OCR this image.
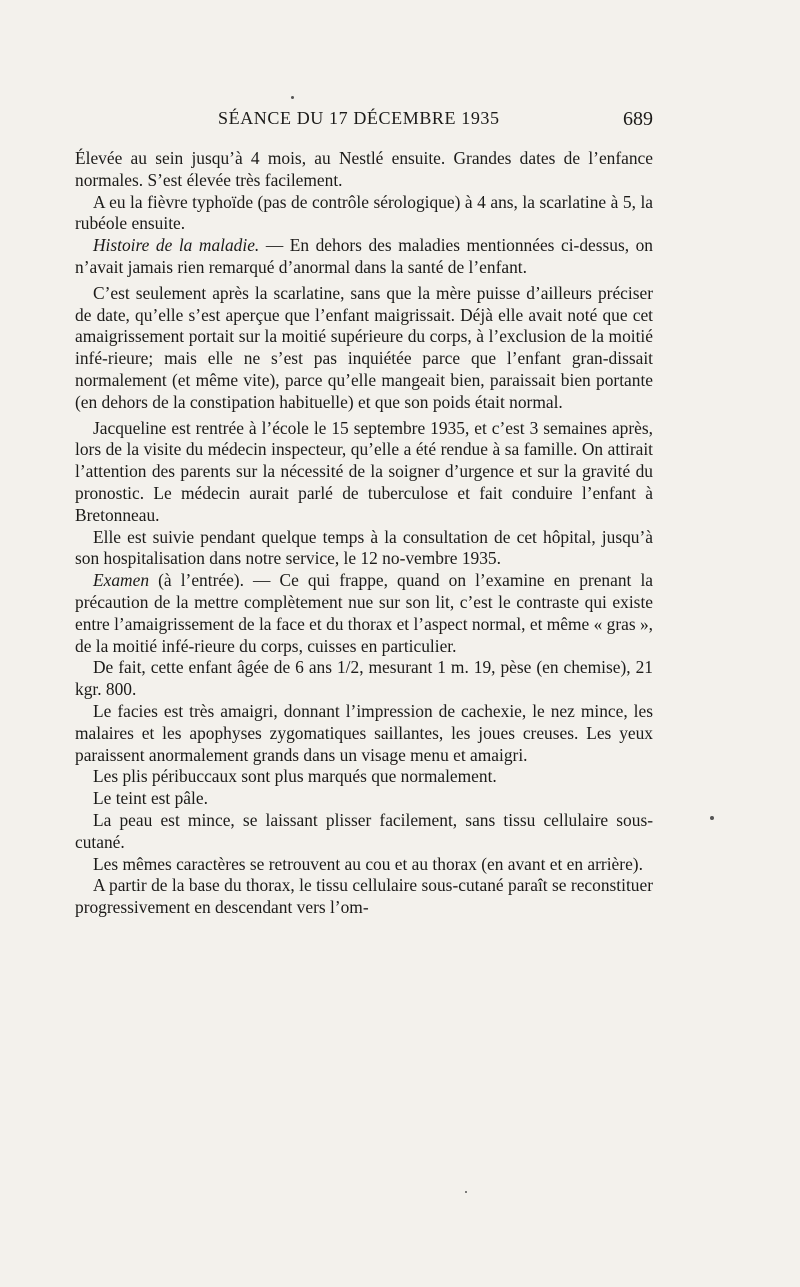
SÉANCE DU 17 DÉCEMBRE 1935	689

Élevée au sein jusqu’à 4 mois, au Nestlé ensuite. Grandes dates de l’enfance normales. S’est élevée très facilement.

A eu la fièvre typhoïde (pas de contrôle sérologique) à 4 ans, la scarlatine à 5, la rubéole ensuite.

Histoire de la maladie. — En dehors des maladies mentionnées ci-dessus, on n’avait jamais rien remarqué d’anormal dans la santé de l’enfant.

C’est seulement après la scarlatine, sans que la mère puisse d’ailleurs préciser de date, qu’elle s’est aperçue que l’enfant maigrissait. Déjà elle avait noté que cet amaigrissement portait sur la moitié supérieure du corps, à l’exclusion de la moitié infé-rieure; mais elle ne s’est pas inquiétée parce que l’enfant gran-dissait normalement (et même vite), parce qu’elle mangeait bien, paraissait bien portante (en dehors de la constipation habituelle) et que son poids était normal.

Jacqueline est rentrée à l’école le 15 septembre 1935, et c’est 3 semaines après, lors de la visite du médecin inspecteur, qu’elle a été rendue à sa famille. On attirait l’attention des parents sur la nécessité de la soigner d’urgence et sur la gravité du pronostic. Le médecin aurait parlé de tuberculose et fait conduire l’enfant à Bretonneau.

Elle est suivie pendant quelque temps à la consultation de cet hôpital, jusqu’à son hospitalisation dans notre service, le 12 no-vembre 1935.

Examen (à l’entrée). — Ce qui frappe, quand on l’examine en prenant la précaution de la mettre complètement nue sur son lit, c’est le contraste qui existe entre l’amaigrissement de la face et du thorax et l’aspect normal, et même « gras », de la moitié infé-rieure du corps, cuisses en particulier.

De fait, cette enfant âgée de 6 ans 1/2, mesurant 1 m. 19, pèse (en chemise), 21 kgr. 800.

Le facies est très amaigri, donnant l’impression de cachexie, le nez mince, les malaires et les apophyses zygomatiques saillantes, les joues creuses. Les yeux paraissent anormalement grands dans un visage menu et amaigri.

Les plis péribuccaux sont plus marqués que normalement.

Le teint est pâle.

La peau est mince, se laissant plisser facilement, sans tissu cellulaire sous-cutané.

Les mêmes caractères se retrouvent au cou et au thorax (en avant et en arrière).

A partir de la base du thorax, le tissu cellulaire sous-cutané paraît se reconstituer progressivement en descendant vers l’om-
